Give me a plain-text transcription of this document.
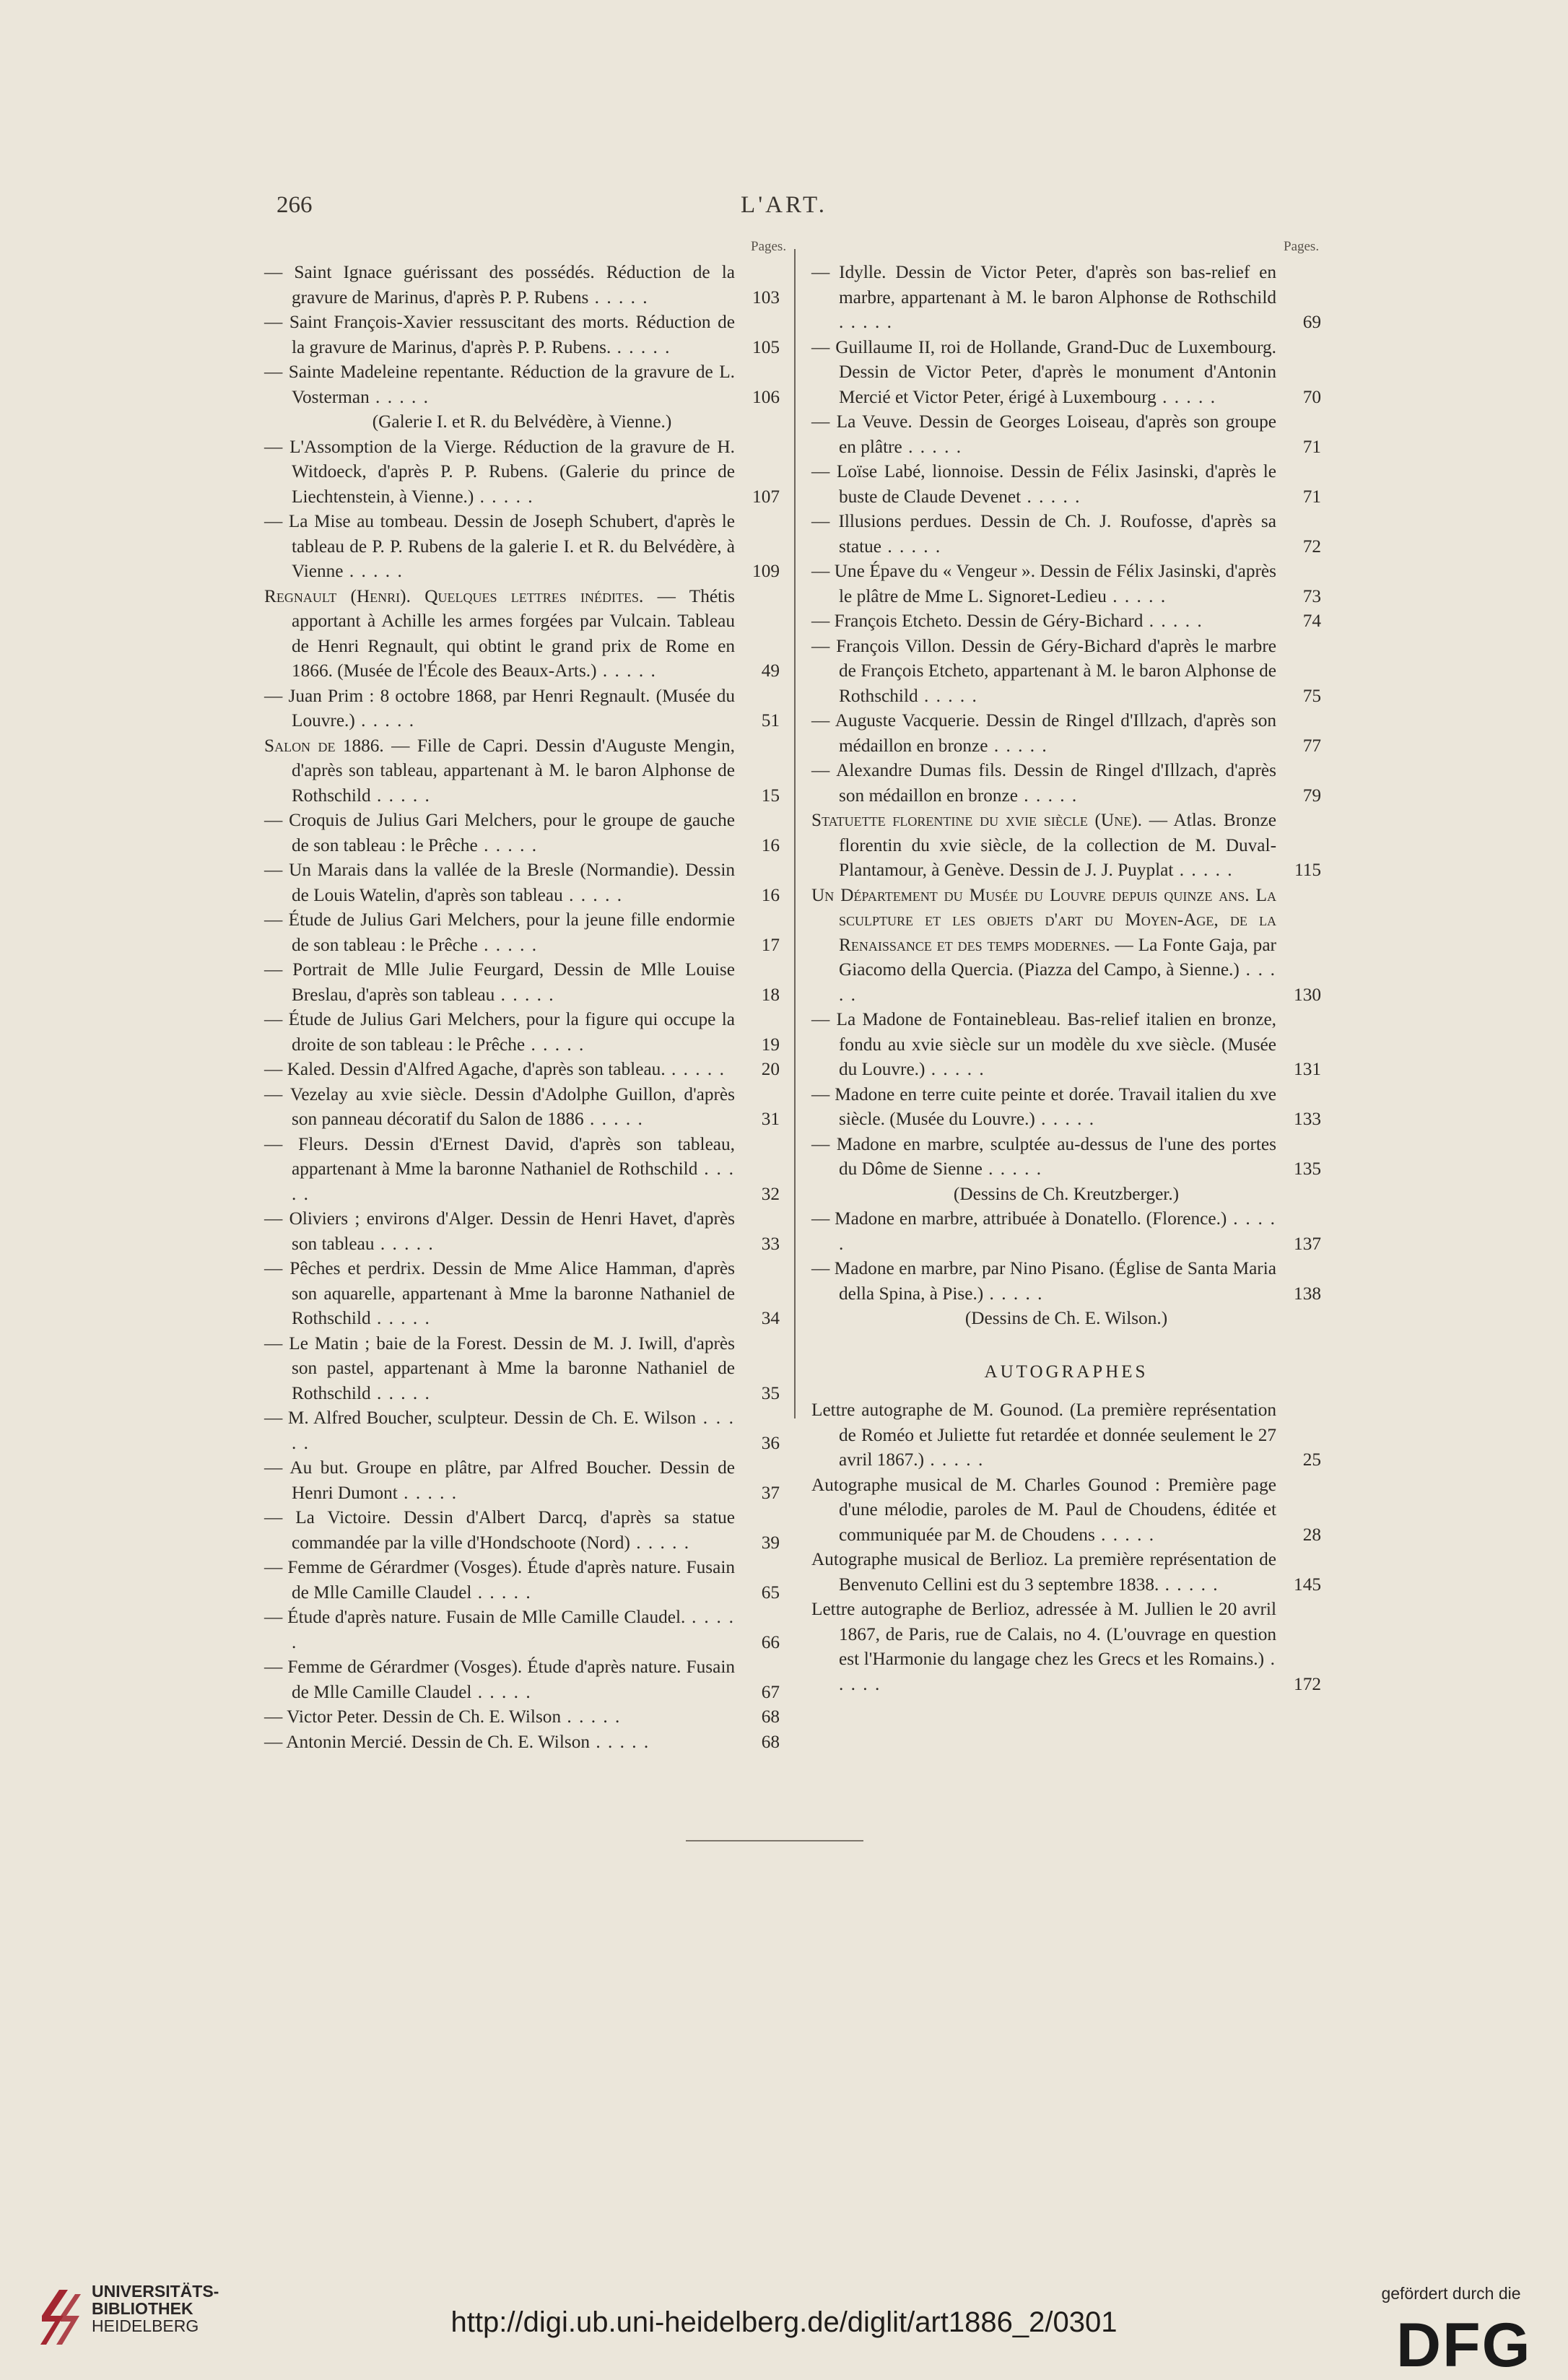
266	L'ART.
Pages.	Pages.
— Saint Ignace guérissant des possédés. Réduction de la gravure de Marinus, d'après P. P. Rubens . . . . .	103
— Saint François-Xavier ressuscitant des morts. Réduction de la gravure de Marinus, d'après P. P. Rubens. . . . . .	105
— Sainte Madeleine repentante. Réduction de la gravure de L. Vosterman . . . . .	106
(Galerie I. et R. du Belvédère, à Vienne.)
— L'Assomption de la Vierge. Réduction de la gravure de H. Witdoeck, d'après P. P. Rubens. (Galerie du prince de Liechtenstein, à Vienne.) . . . . .	107
— La Mise au tombeau. Dessin de Joseph Schubert, d'après le tableau de P. P. Rubens de la galerie I. et R. du Belvédère, à Vienne . . . . .	109
Regnault (Henri). Quelques lettres inédites. — Thétis apportant à Achille les armes forgées par Vulcain. Tableau de Henri Regnault, qui obtint le grand prix de Rome en 1866. (Musée de l'École des Beaux-Arts.) . . . . .	49
— Juan Prim : 8 octobre 1868, par Henri Regnault. (Musée du Louvre.) . . . . .	51
Salon de 1886. — Fille de Capri. Dessin d'Auguste Mengin, d'après son tableau, appartenant à M. le baron Alphonse de Rothschild . . . . .	15
— Croquis de Julius Gari Melchers, pour le groupe de gauche de son tableau : le Prêche . . . . .	16
— Un Marais dans la vallée de la Bresle (Normandie). Dessin de Louis Watelin, d'après son tableau . . . . .	16
— Étude de Julius Gari Melchers, pour la jeune fille endormie de son tableau : le Prêche . . . . .	17
— Portrait de Mlle Julie Feurgard, Dessin de Mlle Louise Breslau, d'après son tableau . . . . .	18
— Étude de Julius Gari Melchers, pour la figure qui occupe la droite de son tableau : le Prêche . . . . .	19
— Kaled. Dessin d'Alfred Agache, d'après son tableau. . . . . .	20
— Vezelay au xvie siècle. Dessin d'Adolphe Guillon, d'après son panneau décoratif du Salon de 1886 . . . . .	31
— Fleurs. Dessin d'Ernest David, d'après son tableau, appartenant à Mme la baronne Nathaniel de Rothschild . . . . .	32
— Oliviers ; environs d'Alger. Dessin de Henri Havet, d'après son tableau . . . . .	33
— Pêches et perdrix. Dessin de Mme Alice Hamman, d'après son aquarelle, appartenant à Mme la baronne Nathaniel de Rothschild . . . . .	34
— Le Matin ; baie de la Forest. Dessin de M. J. Iwill, d'après son pastel, appartenant à Mme la baronne Nathaniel de Rothschild . . . . .	35
— M. Alfred Boucher, sculpteur. Dessin de Ch. E. Wilson . . . . .	36
— Au but. Groupe en plâtre, par Alfred Boucher. Dessin de Henri Dumont . . . . .	37
— La Victoire. Dessin d'Albert Darcq, d'après sa statue commandée par la ville d'Hondschoote (Nord) . . . . .	39
— Femme de Gérardmer (Vosges). Étude d'après nature. Fusain de Mlle Camille Claudel . . . . .	65
— Étude d'après nature. Fusain de Mlle Camille Claudel. . . . . .	66
— Femme de Gérardmer (Vosges). Étude d'après nature. Fusain de Mlle Camille Claudel . . . . .	67
— Victor Peter. Dessin de Ch. E. Wilson . . . . .	68
— Antonin Mercié. Dessin de Ch. E. Wilson . . . . .	68
— Idylle. Dessin de Victor Peter, d'après son bas-relief en marbre, appartenant à M. le baron Alphonse de Rothschild . . . . .	69
— Guillaume II, roi de Hollande, Grand-Duc de Luxembourg. Dessin de Victor Peter, d'après le monument d'Antonin Mercié et Victor Peter, érigé à Luxembourg . . . . .	70
— La Veuve. Dessin de Georges Loiseau, d'après son groupe en plâtre . . . . .	71
— Loïse Labé, lionnoise. Dessin de Félix Jasinski, d'après le buste de Claude Devenet . . . . .	71
— Illusions perdues. Dessin de Ch. J. Roufosse, d'après sa statue . . . . .	72
— Une Épave du « Vengeur ». Dessin de Félix Jasinski, d'après le plâtre de Mme L. Signoret-Ledieu . . . . .	73
— François Etcheto. Dessin de Géry-Bichard . . . . .	74
— François Villon. Dessin de Géry-Bichard d'après le marbre de François Etcheto, appartenant à M. le baron Alphonse de Rothschild . . . . .	75
— Auguste Vacquerie. Dessin de Ringel d'Illzach, d'après son médaillon en bronze . . . . .	77
— Alexandre Dumas fils. Dessin de Ringel d'Illzach, d'après son médaillon en bronze . . . . .	79
Statuette florentine du xvie siècle (Une). — Atlas. Bronze florentin du xvie siècle, de la collection de M. Duval-Plantamour, à Genève. Dessin de J. J. Puyplat . . . . .	115
Un Département du Musée du Louvre depuis quinze ans. La sculpture et les objets d'art du Moyen-Age, de la Renaissance et des temps modernes. — La Fonte Gaja, par Giacomo della Quercia. (Piazza del Campo, à Sienne.) . . . . .	130
— La Madone de Fontainebleau. Bas-relief italien en bronze, fondu au xvie siècle sur un modèle du xve siècle. (Musée du Louvre.) . . . . .	131
— Madone en terre cuite peinte et dorée. Travail italien du xve siècle. (Musée du Louvre.) . . . . .	133
— Madone en marbre, sculptée au-dessus de l'une des portes du Dôme de Sienne . . . . .	135
(Dessins de Ch. Kreutzberger.)
— Madone en marbre, attribuée à Donatello. (Florence.) . . . . .	137
— Madone en marbre, par Nino Pisano. (Église de Santa Maria della Spina, à Pise.) . . . . .	138
(Dessins de Ch. E. Wilson.)
AUTOGRAPHES
Lettre autographe de M. Gounod. (La première représentation de Roméo et Juliette fut retardée et donnée seulement le 27 avril 1867.) . . . . .	25
Autographe musical de M. Charles Gounod : Première page d'une mélodie, paroles de M. Paul de Choudens, éditée et communiquée par M. de Choudens . . . . .	28
Autographe musical de Berlioz. La première représentation de Benvenuto Cellini est du 3 septembre 1838. . . . . .	145
Lettre autographe de Berlioz, adressée à M. Jullien le 20 avril 1867, de Paris, rue de Calais, no 4. (L'ouvrage en question est l'Harmonie du langage chez les Grecs et les Romains.) . . . . .	172
UNIVERSITÄTS-
BIBLIOTHEK
HEIDELBERG	http://digi.ub.uni-heidelberg.de/diglit/art1886_2/0301
gefördert durch die
DFG
